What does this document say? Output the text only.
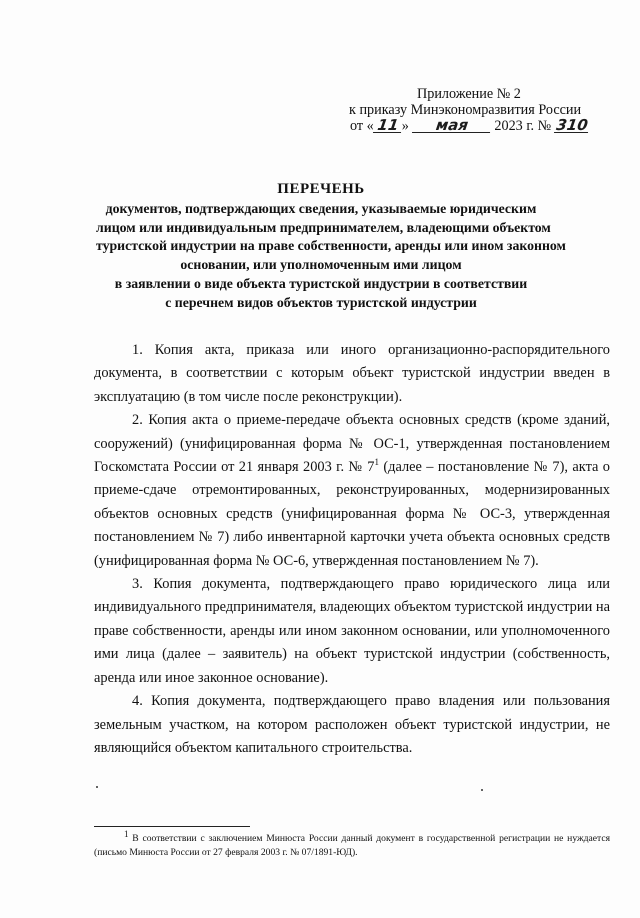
Приложение № 2
к приказу Минэкономразвития России
от « 11 » мая 2023 г. № 310
ПЕРЕЧЕНЬ
документов, подтверждающих сведения, указываемые юридическим
лицом или индивидуальным предпринимателем, владеющими объектом
туристской индустрии на праве собственности, аренды или ином законном
основании, или уполномоченным ими лицом
в заявлении о виде объекта туристской индустрии в соответствии
с перечнем видов объектов туристской индустрии

1. Копия акта, приказа или иного организационно-распорядительного документа, в соответствии с которым объект туристской индустрии введен в эксплуатацию (в том числе после реконструкции).

2. Копия акта о приеме-передаче объекта основных средств (кроме зданий, сооружений) (унифицированная форма № ОС-1, утвержденная постановлением Госкомстата России от 21 января 2003 г. № $7^1$ (далее – постановление № 7), акта о приеме-сдаче отремонтированных, реконструированных, модернизированных объектов основных средств (унифицированная форма № ОС-3, утвержденная постановлением № 7) либо инвентарной карточки учета объекта основных средств (унифицированная форма № ОС-6, утвержденная постановлением № 7).

3. Копия документа, подтверждающего право юридического лица или индивидуального предпринимателя, владеющих объектом туристской индустрии на праве собственности, аренды или ином законном основании, или уполномоченного ими лица (далее – заявитель) на объект туристской индустрии (собственность, аренда или иное законное основание).

4. Копия документа, подтверждающего право владения или пользования земельным участком, на котором расположен объект туристской индустрии, не являющийся объектом капитального строительства.

$^1$ В соответствии с заключением Минюста России данный документ в государственной регистрации не нуждается (письмо Минюста России от 27 февраля 2003 г. № 07/1891-ЮД).
